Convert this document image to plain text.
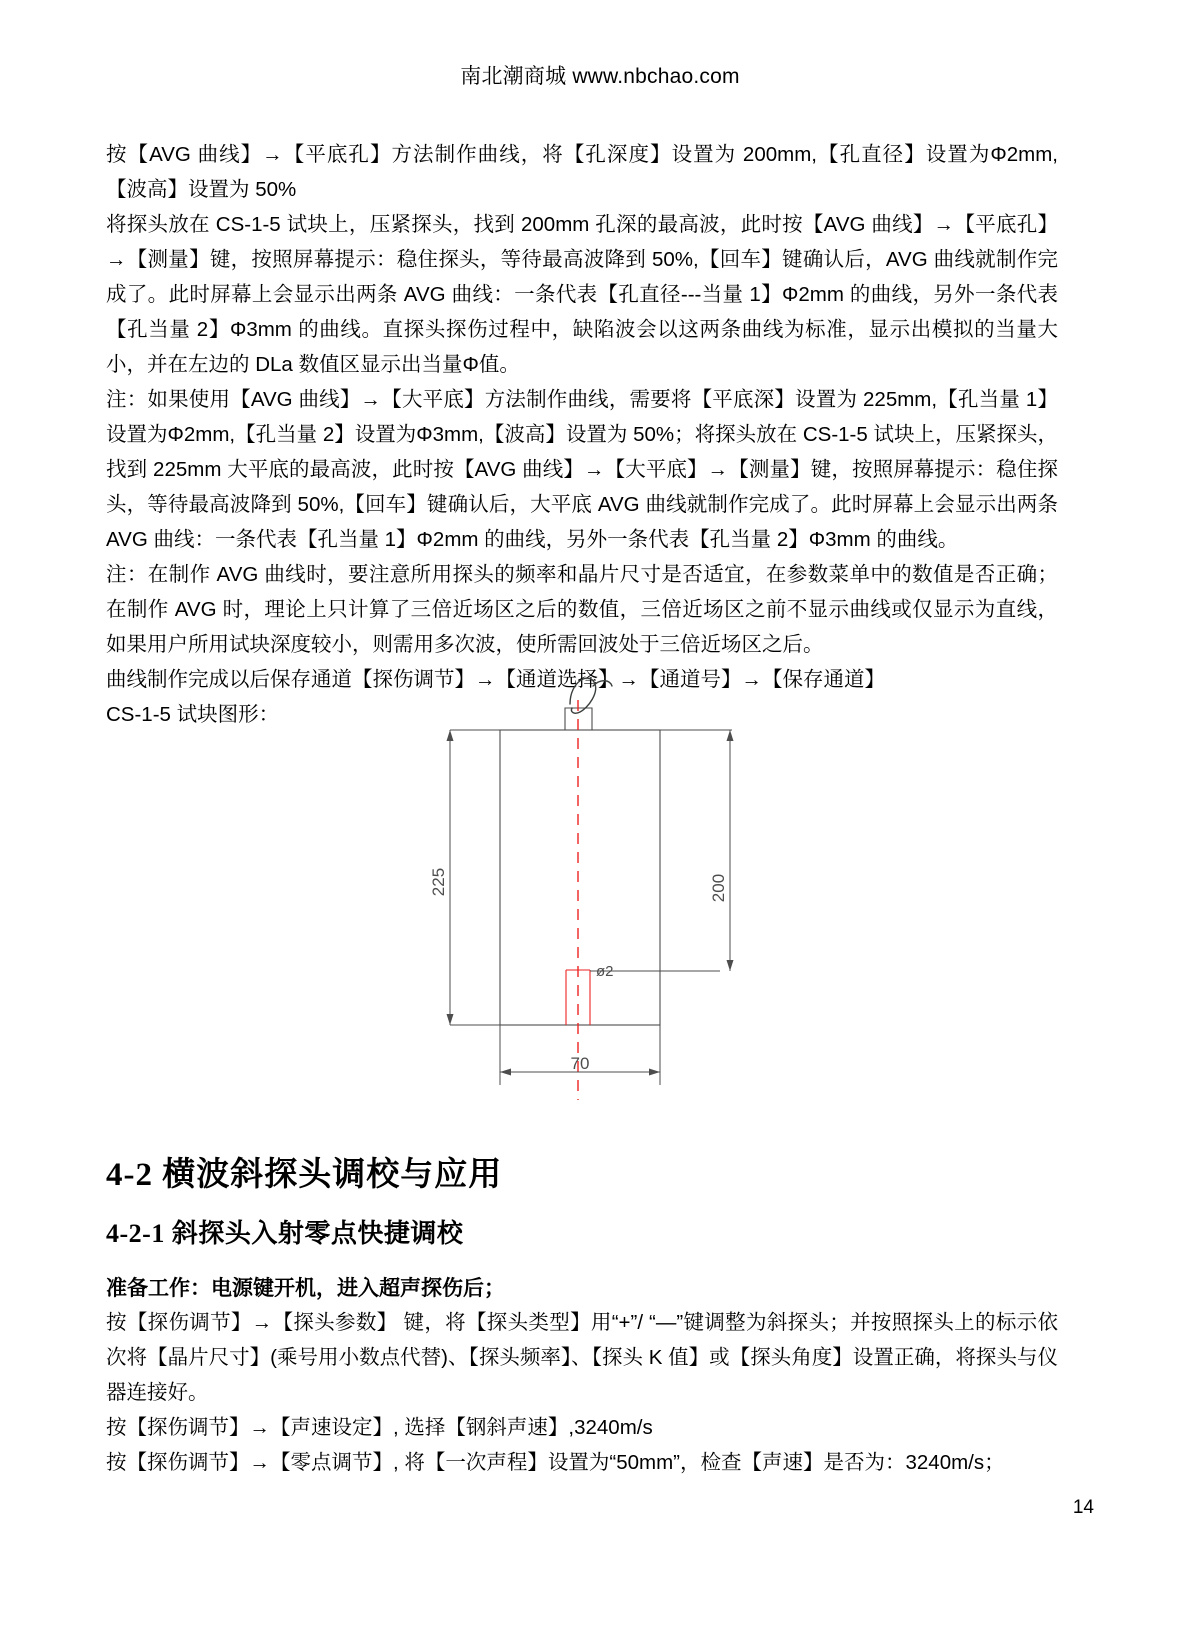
南北潮商城 www.nbchao.com

按【AVG 曲线】→【平底孔】方法制作曲线，将【孔深度】设置为 200mm,【孔直径】设置为Φ2mm,【波高】设置为 50%

将探头放在 CS-1-5 试块上，压紧探头，找到 200mm 孔深的最高波，此时按【AVG 曲线】→【平底孔】→【测量】键，按照屏幕提示：稳住探头，等待最高波降到 50%,【回车】键确认后，AVG 曲线就制作完成了。此时屏幕上会显示出两条 AVG 曲线：一条代表【孔直径---当量 1】Φ2mm 的曲线，另外一条代表【孔当量 2】Φ3mm 的曲线。直探头探伤过程中，缺陷波会以这两条曲线为标准，显示出模拟的当量大小，并在左边的 DLa 数值区显示出当量Φ值。

注：如果使用【AVG 曲线】→【大平底】方法制作曲线，需要将【平底深】设置为 225mm,【孔当量 1】设置为Φ2mm,【孔当量 2】设置为Φ3mm,【波高】设置为 50%；将探头放在 CS-1-5 试块上，压紧探头，找到 225mm 大平底的最高波，此时按【AVG 曲线】→【大平底】→【测量】键，按照屏幕提示：稳住探头，等待最高波降到 50%,【回车】键确认后，大平底 AVG 曲线就制作完成了。此时屏幕上会显示出两条 AVG 曲线：一条代表【孔当量 1】Φ2mm 的曲线，另外一条代表【孔当量 2】Φ3mm 的曲线。

注：在制作 AVG 曲线时，要注意所用探头的频率和晶片尺寸是否适宜，在参数菜单中的数值是否正确；在制作 AVG 时，理论上只计算了三倍近场区之后的数值，三倍近场区之前不显示曲线或仅显示为直线，如果用户所用试块深度较小，则需用多次波，使所需回波处于三倍近场区之后。

曲线制作完成以后保存通道【探伤调节】→【通道选择】→【通道号】→【保存通道】

CS-1-5 试块图形：

ø2
225	200
70
4-2 横波斜探头调校与应用
4-2-1 斜探头入射零点快捷调校
准备工作：电源键开机，进入超声探伤后；

按【探伤调节】→【探头参数】 键，将【探头类型】用“+”/ “—”键调整为斜探头；并按照探头上的标示依次将【晶片尺寸】(乘号用小数点代替)、【探头频率】、【探头 K 值】或【探头角度】设置正确，将探头与仪器连接好。

按【探伤调节】→【声速设定】, 选择【钢斜声速】,3240m/s

按【探伤调节】→【零点调节】, 将【一次声程】设置为“50mm”，检查【声速】是否为：3240m/s；

14
